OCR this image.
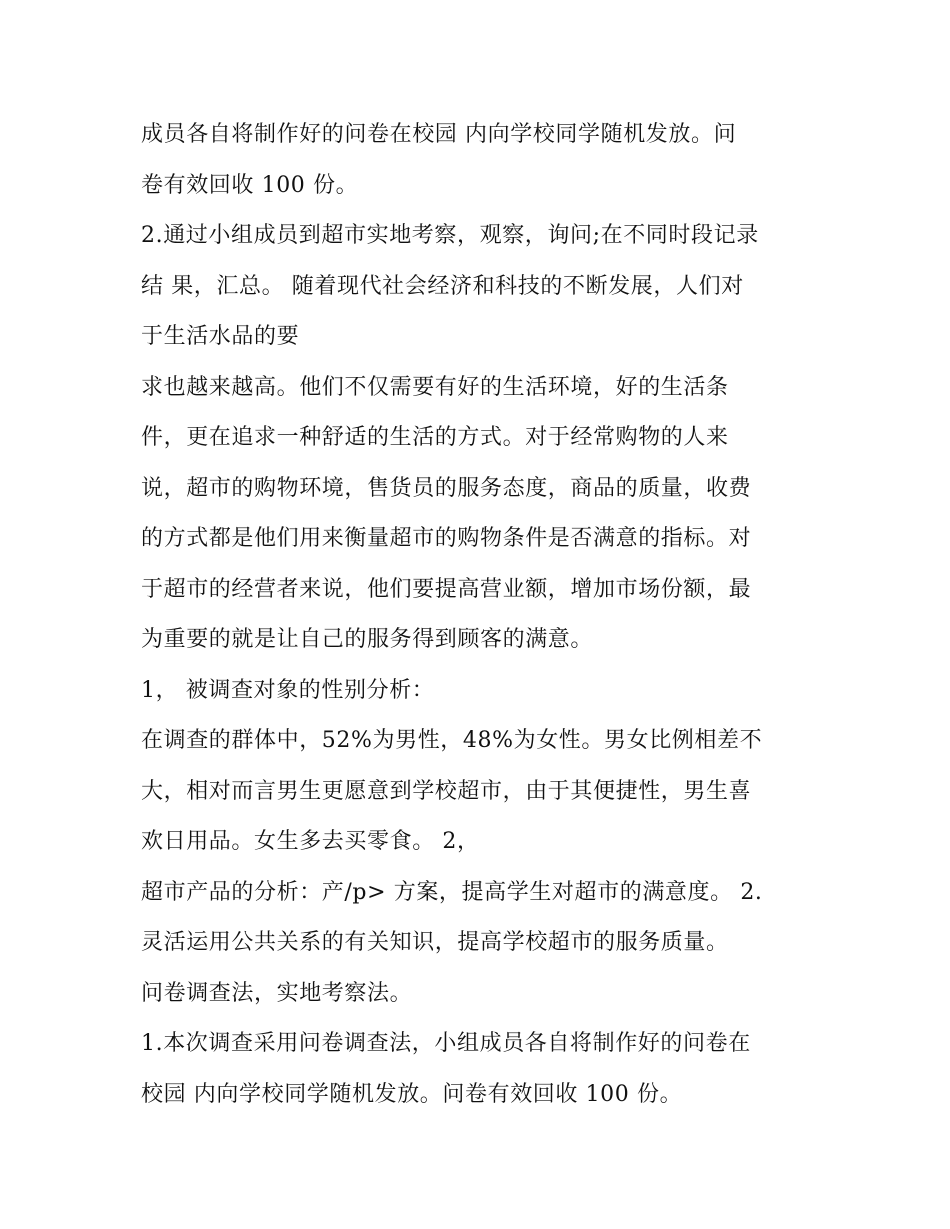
成员各自将制作好的问卷在校园 内向学校同学随机发放。问
卷有效回收 100 份。
2.通过小组成员到超市实地考察，观察，询问;在不同时段记录
结 果，汇总。 随着现代社会经济和科技的不断发展，人们对
于生活水品的要
求也越来越高。他们不仅需要有好的生活环境，好的生活条
件，更在追求一种舒适的生活的方式。对于经常购物的人来
说，超市的购物环境，售货员的服务态度，商品的质量，收费
的方式都是他们用来衡量超市的购物条件是否满意的指标。对
于超市的经营者来说，他们要提高营业额，增加市场份额，最
为重要的就是让自己的服务得到顾客的满意。
1， 被调查对象的性别分析：
在调查的群体中，52%为男性，48%为女性。男女比例相差不
大，相对而言男生更愿意到学校超市，由于其便捷性，男生喜
欢日用品。女生多去买零食。 2，
超市产品的分析：产/p> 方案，提高学生对超市的满意度。 2.
灵活运用公共关系的有关知识，提高学校超市的服务质量。
问卷调查法，实地考察法。
1.本次调查采用问卷调查法，小组成员各自将制作好的问卷在
校园 内向学校同学随机发放。问卷有效回收 100 份。
